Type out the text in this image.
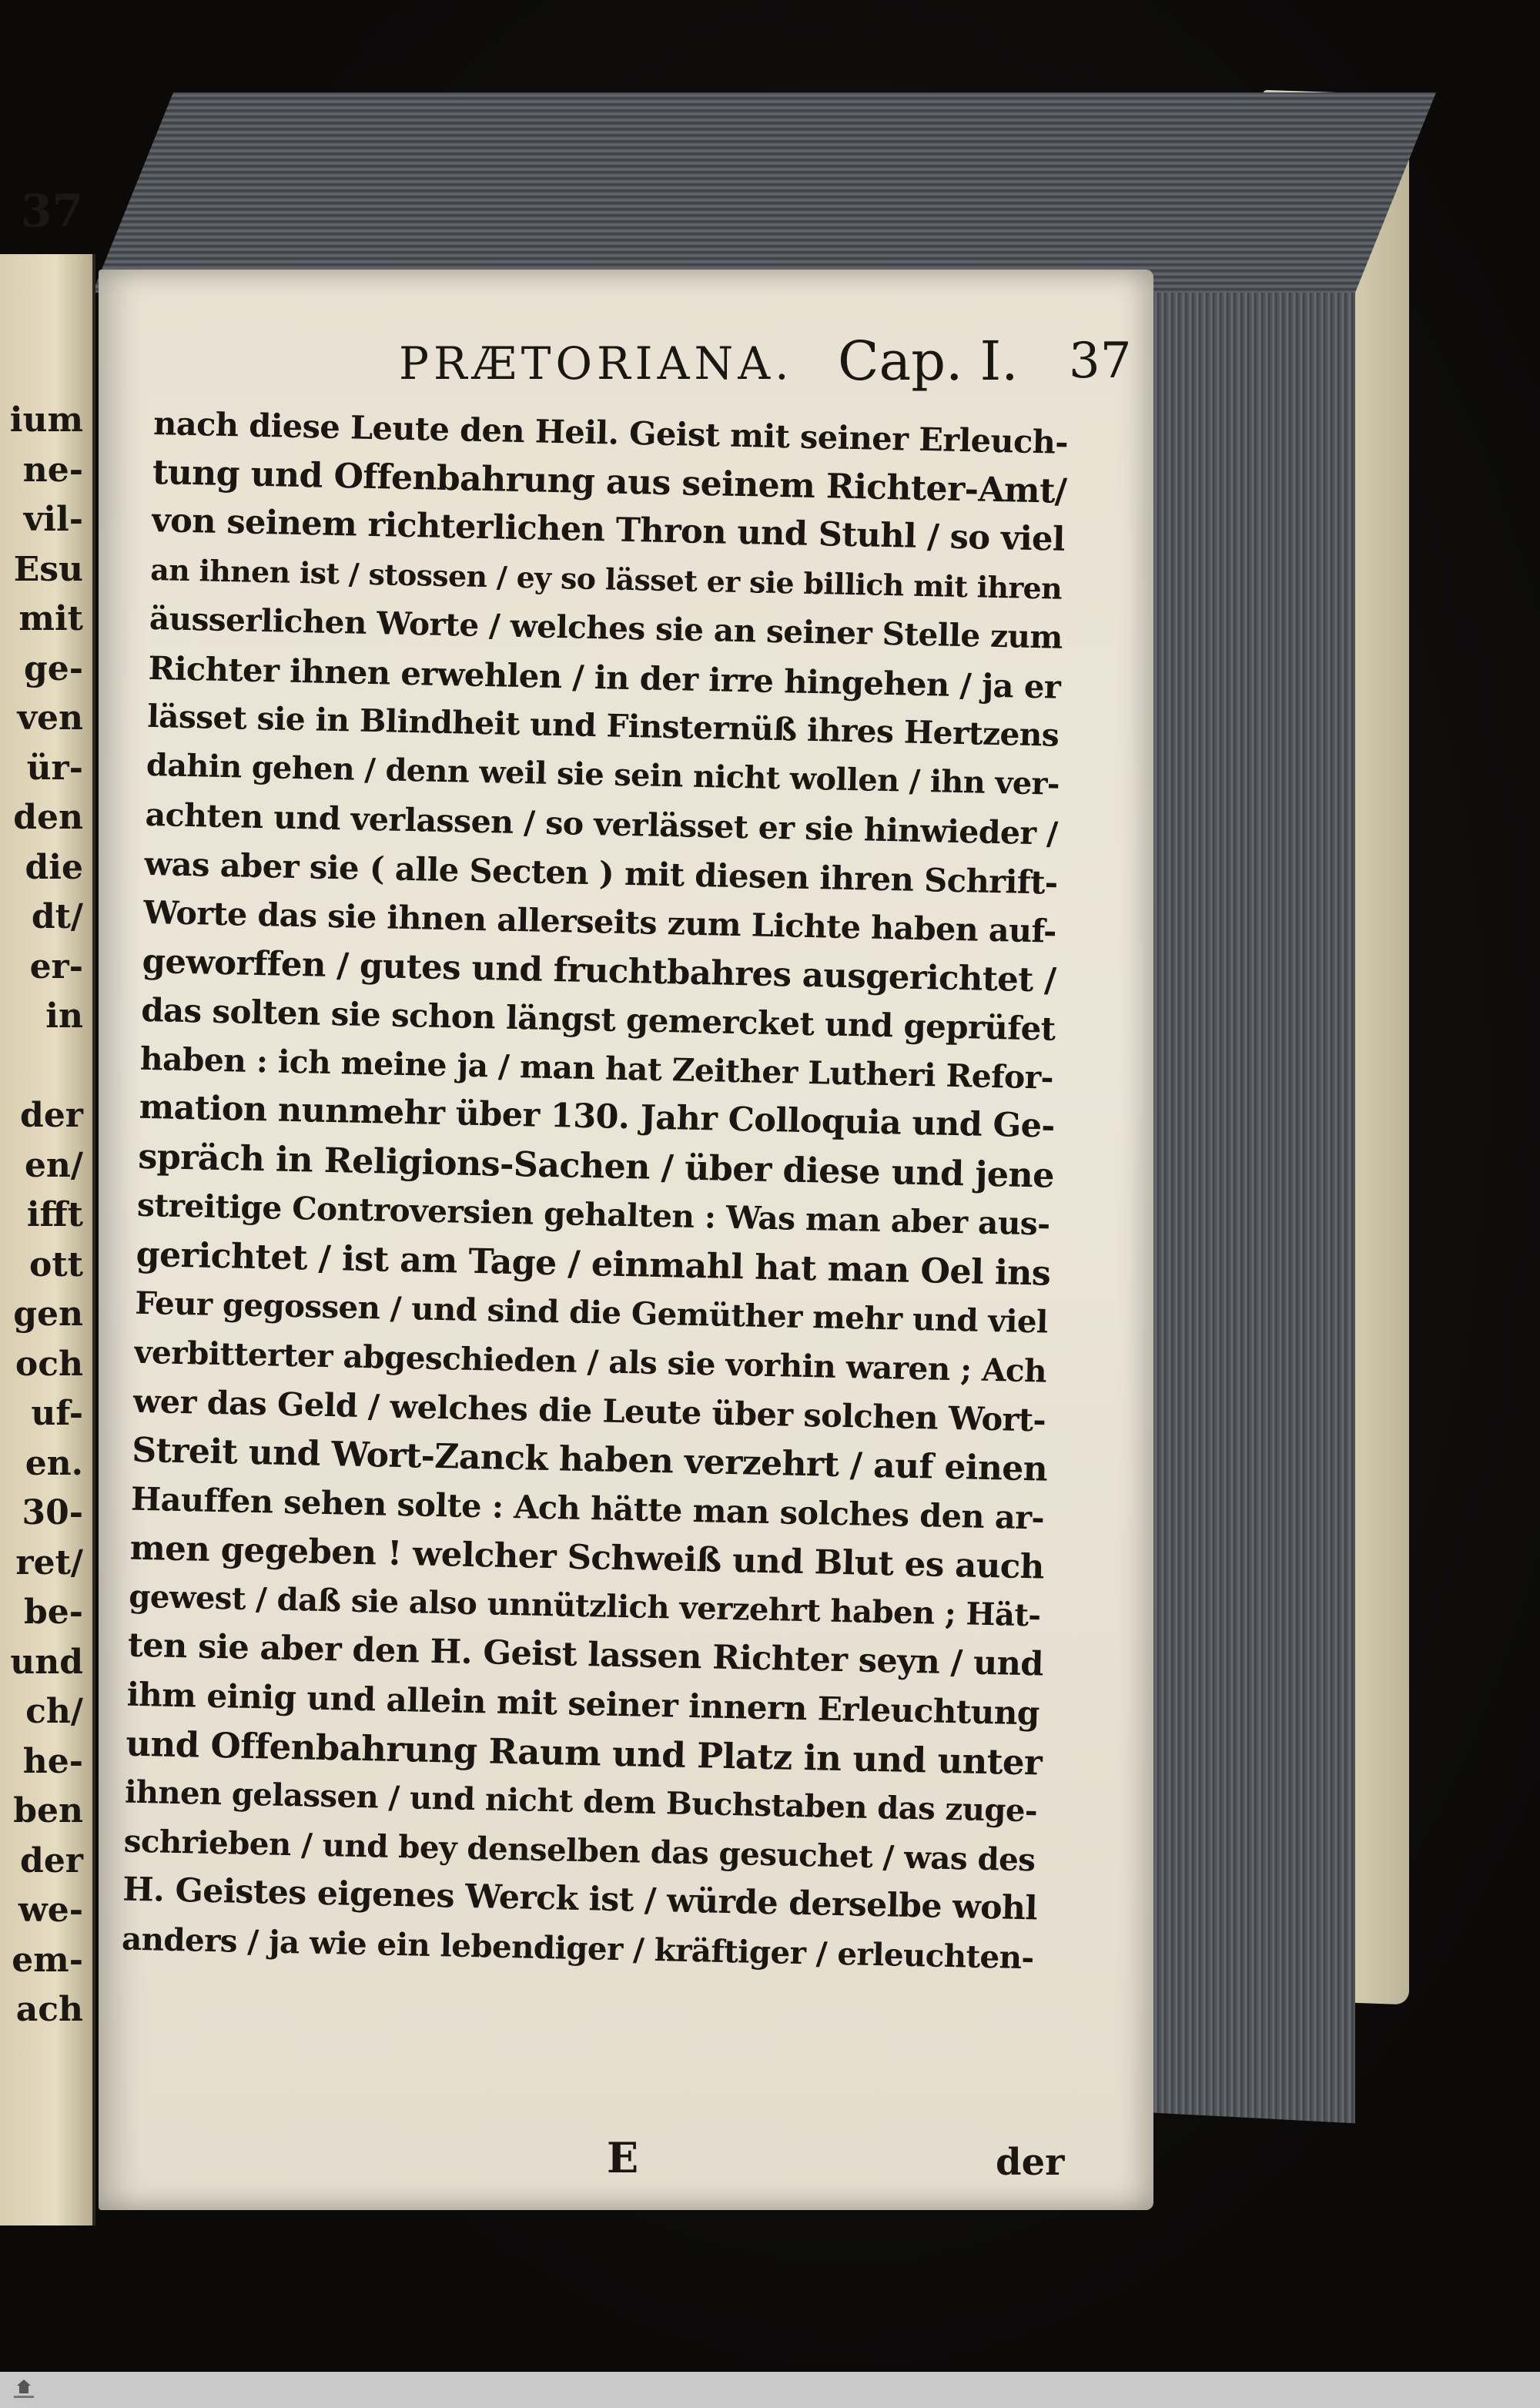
37
ium
ne-
vil-
Esu
mit
ge-
ven
ür-
den
die
dt/
er-
in
der
en/
ifft
ott
gen
och
uf-
en.
30-
ret/
be-
und
ch/
he-
ben
der
we-
em-
ach
PRÆTORIANA. Cap. I. 37
nach diese Leute den Heil. Geist mit seiner Erleuch-
tung und Offenbahrung aus seinem Richter-Amt/
von seinem richterlichen Thron und Stuhl / so viel
an ihnen ist / stossen / ey so lässet er sie billich mit ihren
äusserlichen Worte / welches sie an seiner Stelle zum
Richter ihnen erwehlen / in der irre hingehen / ja er
lässet sie in Blindheit und Finsternüß ihres Hertzens
dahin gehen / denn weil sie sein nicht wollen / ihn ver-
achten und verlassen / so verlässet er sie hinwieder /
was aber sie ( alle Secten ) mit diesen ihren Schrift-
Worte das sie ihnen allerseits zum Lichte haben auf-
geworffen / gutes und fruchtbahres ausgerichtet /
das solten sie schon längst gemercket und geprüfet
haben : ich meine ja / man hat Zeither Lutheri Refor-
mation nunmehr über 130. Jahr Colloquia und Ge-
spräch in Religions-Sachen / über diese und jene
streitige Controversien gehalten : Was man aber aus-
gerichtet / ist am Tage / einmahl hat man Oel ins
Feur gegossen / und sind die Gemüther mehr und viel
verbitterter abgeschieden / als sie vorhin waren ; Ach
wer das Geld / welches die Leute über solchen Wort-
Streit und Wort-Zanck haben verzehrt / auf einen
Hauffen sehen solte : Ach hätte man solches den ar-
men gegeben ! welcher Schweiß und Blut es auch
gewest / daß sie also unnützlich verzehrt haben ; Hät-
ten sie aber den H. Geist lassen Richter seyn / und
ihm einig und allein mit seiner innern Erleuchtung
und Offenbahrung Raum und Platz in und unter
ihnen gelassen / und nicht dem Buchstaben das zuge-
schrieben / und bey denselben das gesuchet / was des
H. Geistes eigenes Werck ist / würde derselbe wohl
anders / ja wie ein lebendiger / kräftiger / erleuchten-
E	der
